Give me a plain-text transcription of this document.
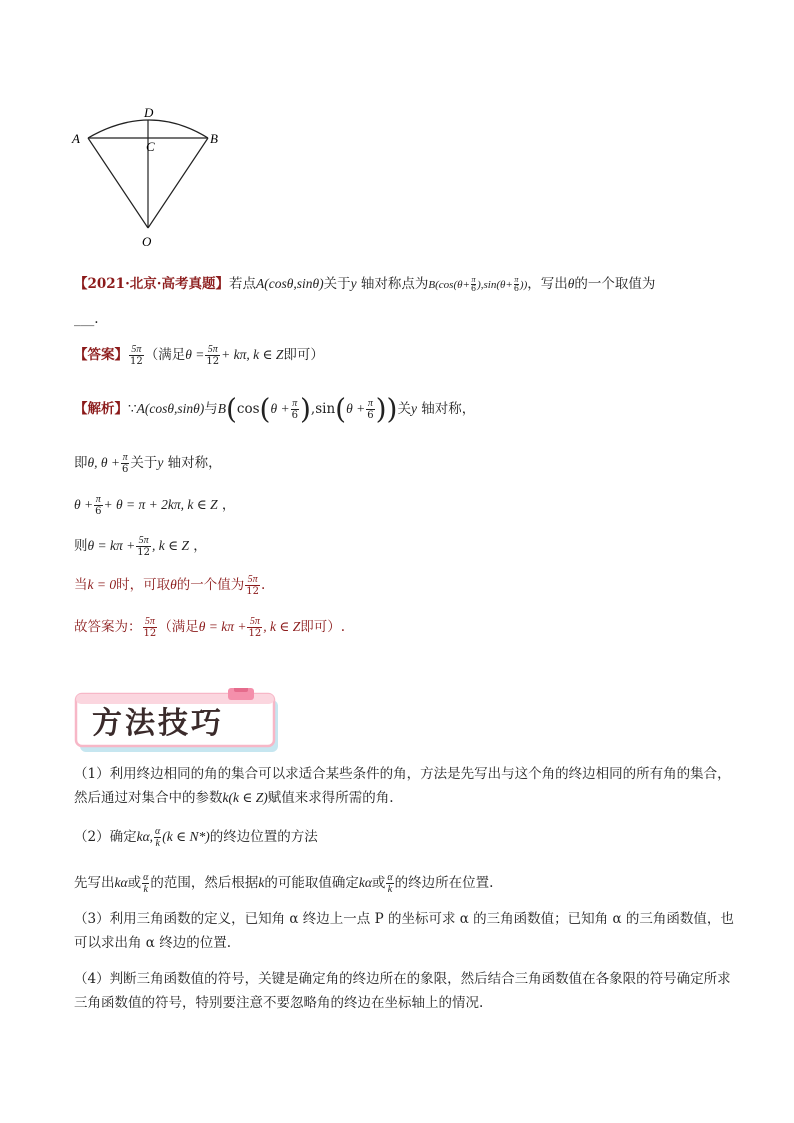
A	B
D
C
O
【2021·北京·高考真题】若点A(cosθ,sinθ)关于y 轴对称点为$B(\cos(\theta+ \frac{\pi}{6}),\sin(\theta+ \frac{\pi}{6}))$，写出θ的一个取值为
___.
【答案】 $\frac{5\pi}{12}$ （满足$\theta = \frac{5\pi}{12} + k\pi$, k ∈ Z即可）
【解析】∵A(cosθ,sinθ)与$B(\cos(\theta + \frac{\pi}{6} ),\sin(\theta + \frac{\pi}{6}$ ))关y 轴对称，
即θ, $\theta + \frac{\pi}{6}$ 关于y 轴对称，
$\theta + \frac{\pi}{6} + \theta = \pi + 2k\pi$, k ∈ Z ，
则$\theta = k\pi + \frac{5\pi}{12}$ , k ∈ Z ，
当k = 0时，可取θ的一个值为 $\frac{5\pi}{12}$ .
故答案为： $\frac{5\pi}{12}$ （满足$\theta = k\pi + \frac{5\pi}{12}$ , k ∈ Z即可）.
方法技巧
（1）利用终边相同的角的集合可以求适合某些条件的角，方法是先写出与这个角的终边相同的所有角的集合，然后通过对集合中的参数k(k ∈ Z)赋值来求得所需的角.
（2）确定kα, $\frac{\alpha}{k} (k$ ∈ N*)的终边位置的方法
先写出kα或 $\frac{\alpha}{k}$ 的范围，然后根据k的可能取值确定kα或 $\frac{\alpha}{k}$ 的终边所在位置.
（3）利用三角函数的定义，已知角 α 终边上一点 P 的坐标可求 α 的三角函数值；已知角 α 的三角函数值，也可以求出角 α 终边的位置.
（4）判断三角函数值的符号，关键是确定角的终边所在的象限，然后结合三角函数值在各象限的符号确定所求三角函数值的符号，特别要注意不要忽略角的终边在坐标轴上的情况.
